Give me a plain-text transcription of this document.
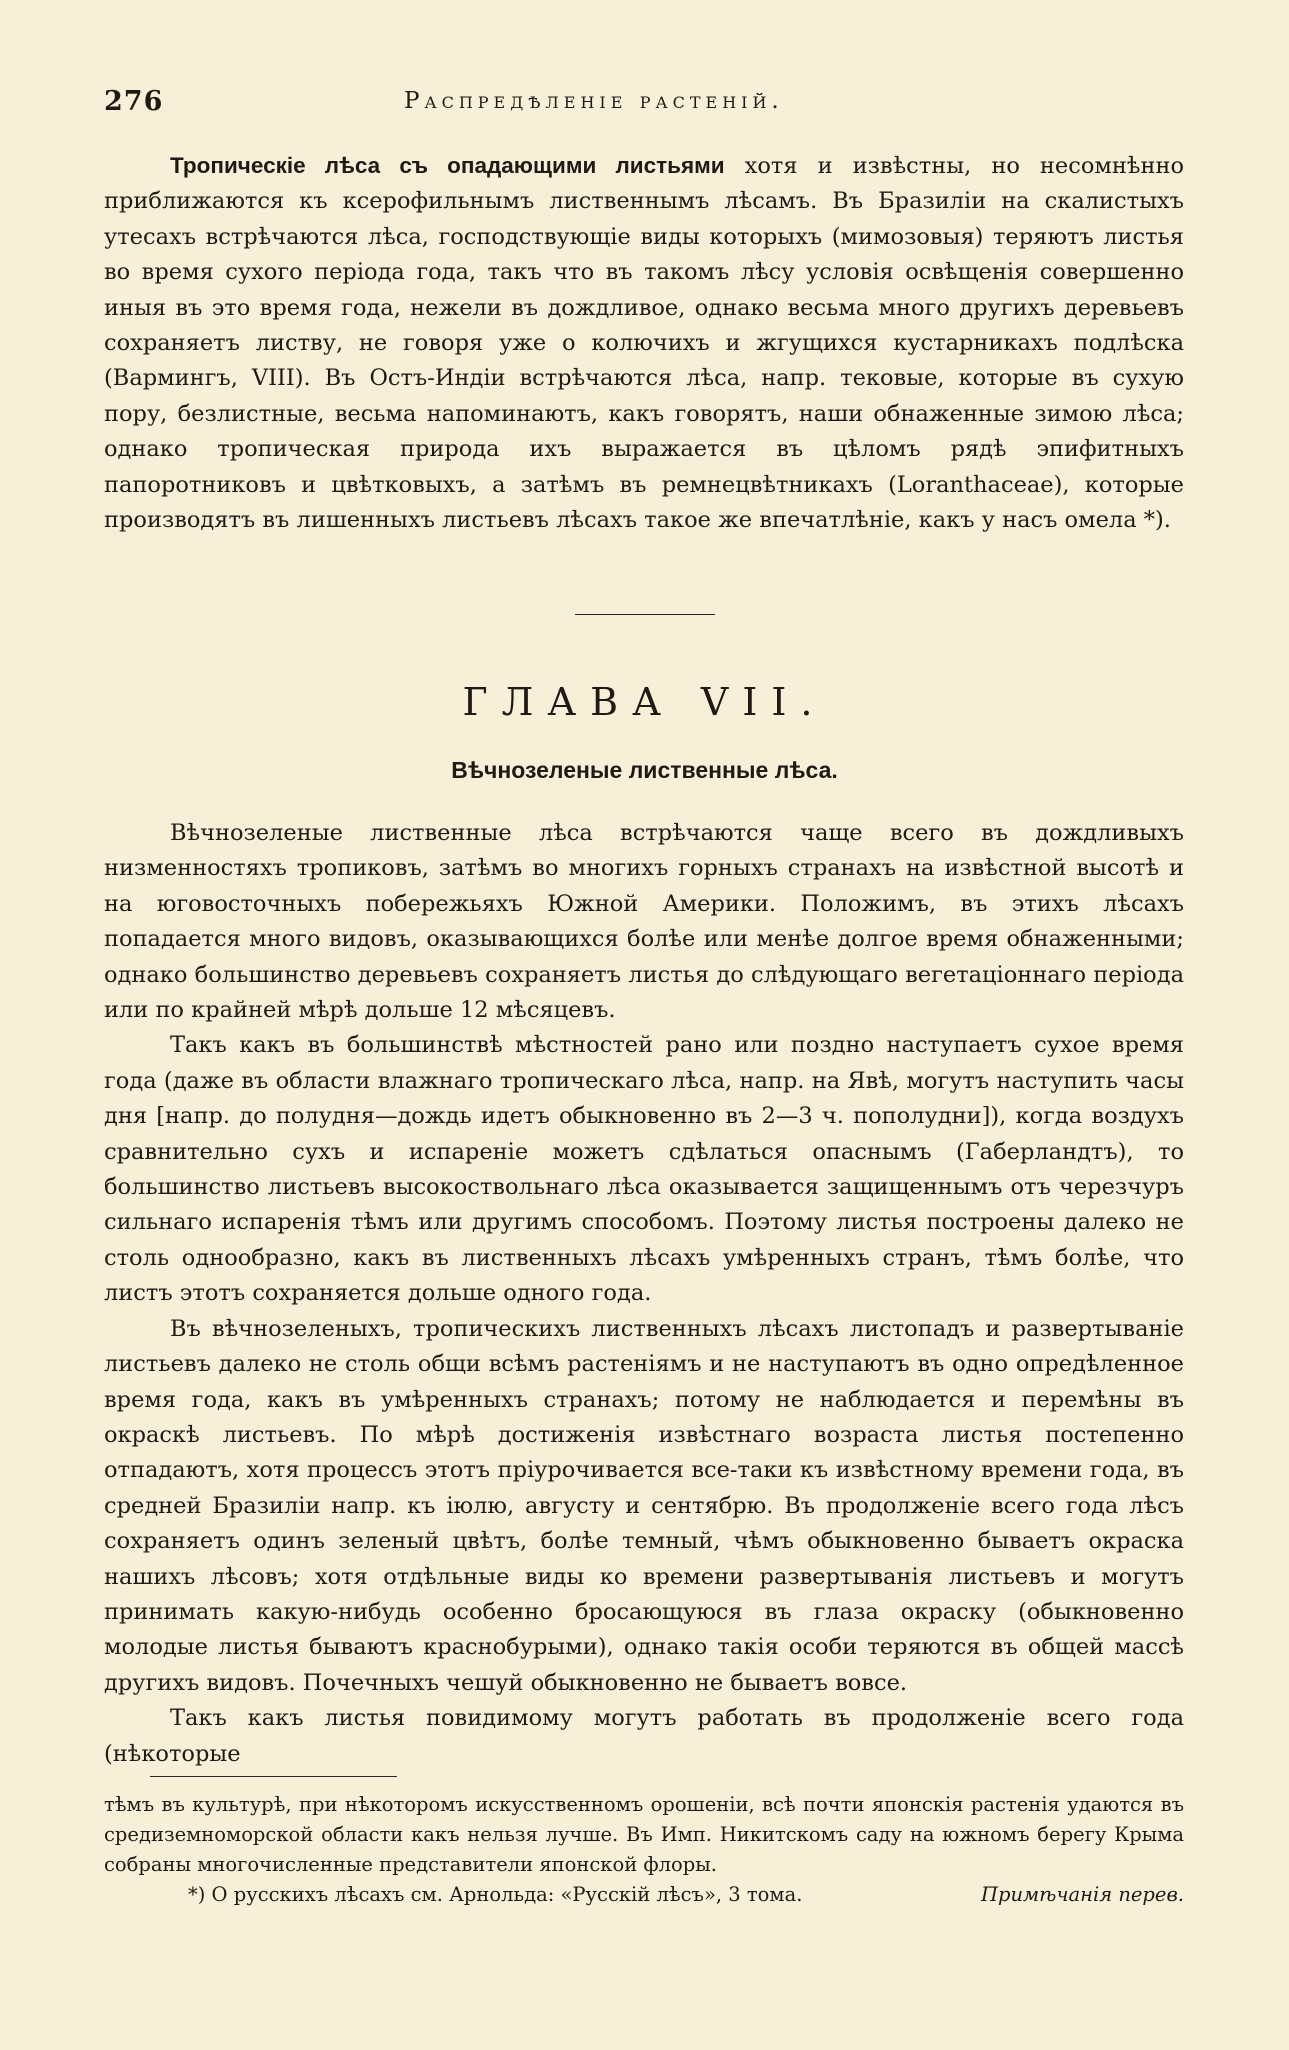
276	Распредѣленіе растеній.

Тропическіе лѣса съ опадающими листьями хотя и извѣстны, но несомнѣнно приближаются къ ксерофильнымъ лиственнымъ лѣсамъ. Въ Бразиліи на скалистыхъ утесахъ встрѣчаются лѣса, господствующіе виды которыхъ (мимозовыя) теряютъ листья во время сухого періода года, такъ что въ такомъ лѣсу условія освѣщенія совершенно иныя въ это время года, нежели въ дождливое, однако весьма много другихъ деревьевъ сохраняетъ листву, не говоря уже о колючихъ и жгущихся кустарникахъ подлѣска (Вармингъ, VIII). Въ Остъ-Индіи встрѣчаются лѣса, напр. тековые, которые въ сухую пору, безлистные, весьма напоминаютъ, какъ говорятъ, наши обнаженные зимою лѣса; однако тропическая природа ихъ выражается въ цѣломъ рядѣ эпифитныхъ папоротниковъ и цвѣтковыхъ, а затѣмъ въ ремнецвѣтникахъ (Loranthaceae), которые производятъ въ лишенныхъ листьевъ лѣсахъ такое же впечатлѣніе, какъ у насъ омела *).

ГЛАВА VII.
Вѣчнозеленые лиственные лѣса.

Вѣчнозеленые лиственные лѣса встрѣчаются чаще всего въ дождливыхъ низменностяхъ тропиковъ, затѣмъ во многихъ горныхъ странахъ на извѣстной высотѣ и на юговосточныхъ побережьяхъ Южной Америки. Положимъ, въ этихъ лѣсахъ попадается много видовъ, оказывающихся болѣе или менѣе долгое время обнаженными; однако большинство деревьевъ сохраняетъ листья до слѣдующаго вегетаціоннаго періода или по крайней мѣрѣ дольше 12 мѣсяцевъ.

Такъ какъ въ большинствѣ мѣстностей рано или поздно наступаетъ сухое время года (даже въ области влажнаго тропическаго лѣса, напр. на Явѣ, могутъ наступить часы дня [напр. до полудня—дождь идетъ обыкновенно въ 2—3 ч. пополудни]), когда воздухъ сравнительно сухъ и испареніе можетъ сдѣлаться опаснымъ (Габерландтъ), то большинство листьевъ высокоствольнаго лѣса оказывается защищеннымъ отъ черезчуръ сильнаго испаренія тѣмъ или другимъ способомъ. Поэтому листья построены далеко не столь однообразно, какъ въ лиственныхъ лѣсахъ умѣренныхъ странъ, тѣмъ болѣе, что листъ этотъ сохраняется дольше одного года.

Въ вѣчнозеленыхъ, тропическихъ лиственныхъ лѣсахъ листопадъ и развертываніе листьевъ далеко не столь общи всѣмъ растеніямъ и не наступаютъ въ одно опредѣленное время года, какъ въ умѣренныхъ странахъ; потому не наблюдается и перемѣны въ окраскѣ листьевъ. По мѣрѣ достиженія извѣстнаго возраста листья постепенно отпадаютъ, хотя процессъ этотъ пріурочивается все-таки къ извѣстному времени года, въ средней Бразиліи напр. къ іюлю, августу и сентябрю. Въ продолженіе всего года лѣсъ сохраняетъ одинъ зеленый цвѣтъ, болѣе темный, чѣмъ обыкновенно бываетъ окраска нашихъ лѣсовъ; хотя отдѣльные виды ко времени развертыванія листьевъ и могутъ принимать какую-нибудь особенно бросающуюся въ глаза окраску (обыкновенно молодые листья бываютъ краснобурыми), однако такія особи теряются въ общей массѣ другихъ видовъ. Почечныхъ чешуй обыкновенно не бываетъ вовсе.

Такъ какъ листья повидимому могутъ работать въ продолженіе всего года (нѣкоторые

тѣмъ въ культурѣ, при нѣкоторомъ искусственномъ орошеніи, всѣ почти японскія растенія удаются въ средиземноморской области какъ нельзя лучше. Въ Имп. Никитскомъ саду на южномъ берегу Крыма собраны многочисленные представители японской флоры.

*) О русскихъ лѣсахъ см. Арнольда: «Русскій лѣсъ», 3 тома.	Примѣчанія перев.
